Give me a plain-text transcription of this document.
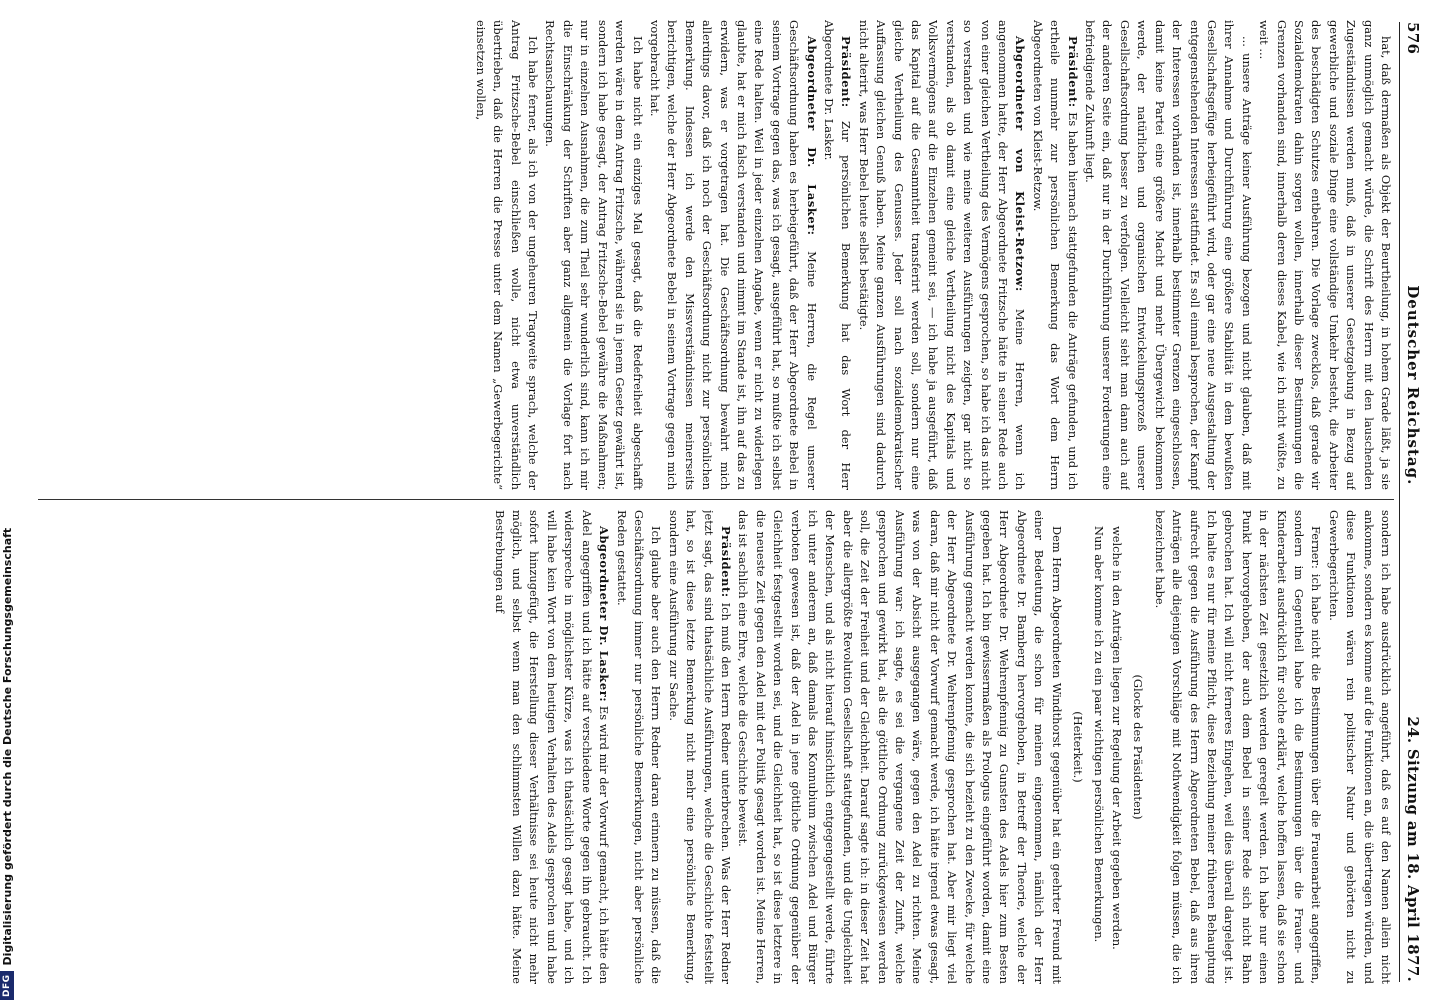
576
Deutscher Reichstag.
24. Sitzung am 18. April 1877.

hat, daß dermaßen als Objekt der Beurtheilung, in hohem Grade läßt, ja sie ganz unmöglich gemacht würde, die Schrift des Herrn mit den lauschenden Zugeständnissen werden muß, daß in unserer Gesetzgebung in Bezug auf gewerbliche und soziale Dinge eine vollständige Umkehr besteht, die Arbeiter des beschädigten Schutzes entbehren. Die Vorlage zwecklos, daß gerade wir Sozialdemokraten dahin sorgen wollen, innerhalb dieser Bestimmungen die Grenzen vorhanden sind, innerhalb deren dieses Kabel, wie ich nicht wüßte, zu weit ...

... unsere Anträge keiner Ausführung bezogen und nicht glauben, daß mit ihrer Annahme und Durchführung eine größere Stabilität in dem bewußten Gesellschaftsgefüge herbeigeführt wird, oder gar eine neue Ausgestaltung der entgegenstehenden Interessen stattfindet. Es soll einmal besprochen, der Kampf der Interessen vorhanden ist, innerhalb bestimmter Grenzen eingeschlossen, damit keine Partei eine größere Macht und mehr Übergewicht bekommen werde, der natürlichen und organischen Entwickelungsprozeß unserer Gesellschaftsordnung besser zu verfolgen. Vielleicht sieht man dann auch auf der anderen Seite ein, daß nur in der Durchführung unserer Forderungen eine befriedigende Zukunft liegt.

Präsident: Es haben hiernach stattgefunden die Anträge gefunden, und ich ertheile nunmehr zur persönlichen Bemerkung das Wort dem Herrn Abgeordneten von Kleist-Retzow.

Abgeordneter von Kleist-Retzow: Meine Herren, wenn ich angenommen hatte, der Herr Abgeordnete Fritzsche hätte in seiner Rede auch von einer gleichen Vertheilung des Vermögens gesprochen, so habe ich das nicht so verstanden und wie meine weiteren Ausführungen zeigten, gar nicht so verstanden, als ob damit eine gleiche Vertheilung nicht des Kapitals und Volksvermögens auf die Einzelnen gemeint sei, — ich habe ja ausgeführt, daß das Kapital auf die Gesammtheit transferirt werden soll, sondern nur eine gleiche Vertheilung des Genusses. Jeder soll nach sozialdemokratischer Auffassung gleichen Genuß haben. Meine ganzen Ausführungen sind dadurch nicht alterirt, was Herr Bebel heute selbst bestätigte.

Präsident: Zur persönlichen Bemerkung hat das Wort der Herr Abgeordnete Dr. Lasker.

Abgeordneter Dr. Lasker: Meine Herren, die Regel unserer Geschäftsordnung haben es herbeigeführt, daß der Herr Abgeordnete Bebel in seinem Vortrage gegen das, was ich gesagt, ausgeführt hat, so mußte ich selbst eine Rede halten. Weil in jeder einzelnen Angabe, wenn er nicht zu widerlegen glaubte, hat er mich falsch verstanden und nimmt im Stande ist, ihn auf das zu erwidern, was er vorgetragen hat. Die Geschäftsordnung bewahrt mich allerdings davor, daß ich noch der Geschäftsordnung nicht zur persönlichen Bemerkung. Indessen ich werde den Missverständnissen meinerseits berichtigen, welche der Herr Abgeordnete Bebel in seinem Vortrage gegen mich vorgebracht hat.

Ich habe nicht ein einziges Mal gesagt, daß die Redefreiheit abgeschafft werden wäre in dem Antrag Fritzsche, während sie in jenem Gesetz gewährt ist, sondern ich habe gesagt, der Antrag Fritzsche-Bebel gewähre die Maßnahmen; nur in einzelnen Ausnahmen, die zum Theil sehr wunderlich sind, kann ich mir die Einschränkung der Schriften aber ganz allgemein die Vorlage fort nach Rechtsanschauungen.

Ich habe ferner, als ich von der ungeheuren Tragweite sprach, welche der Antrag Fritzsche-Bebel einschließen wolle, nicht etwa unverständlich übertrieben, daß die Herren die Presse unter dem Namen „Gewerbegerichte“ einsetzen wollen,

sondern ich habe ausdrücklich angeführt, daß es auf den Namen allein nicht ankomme, sondern es komme auf die Funktionen an, die übertragen würden, und diese Funktionen wären rein politischer Natur und gehörten nicht zu Gewerbegerichten.

Ferner: ich habe nicht die Bestimmungen über die Frauenarbeit angegriffen, sondern im Gegentheil habe ich die Bestimmungen über die Frauen- und Kinderarbeit ausdrücklich für solche erklärt, welche hoffen lassen, daß sie schon in der nächsten Zeit gesetzlich werden geregelt werden. Ich habe nur einen Punkt hervorgehoben, der auch dem Bebel in seiner Rede sich nicht Bahn gebrochen hat. Ich will nicht ferneres Eingehen, weil dies überall dargelegt ist. Ich halte es nur für meine Pflicht, diese Beziehung meiner früheren Behauptung aufrecht gegen die Ausführung des Herrn Abgeordneten Bebel, daß aus ihren Anträgen alle diejenigen Vorschläge mit Nothwendigkeit folgen müssen, die ich bezeichnet habe.

(Glocke des Präsidenten)

welche in den Anträgen liegen zur Regelung der Arbeit gegeben werden.

Nun aber komme ich zu ein paar wichtigen persönlichen Bemerkungen.

(Heiterkeit.)

Dem Herrn Abgeordneten Windthorst gegenüber hat ein geehrter Freund mit einer Bedeutung, die schon für meinen eingenommen, nämlich der Herr Abgeordnete Dr. Bamberg hervorgehoben, in Betreff der Theorie, welche der Herr Abgeordnete Dr. Wehrenpfennig zu Gunsten des Adels hier zum Besten gegeben hat. Ich bin gewissermaßen als Prologus eingeführt worden, damit eine Ausführung gemacht werden konnte, die sich bezieht zu den Zwecke, für welche der Herr Abgeordnete Dr. Wehrenpfennig gesprochen hat. Aber mir liegt viel daran, daß mir nicht der Vorwurf gemacht werde, ich hätte irgend etwas gesagt, was von der Absicht ausgegangen wäre, gegen den Adel zu richten. Meine Ausführung war: ich sagte, es sei die vergangene Zeit der Zunft, welche gesprochen und gewirkt hat, als die göttliche Ordnung zurückgewiesen werden soll, die Zeit der Freiheit und der Gleichheit. Darauf sagte ich: in dieser Zeit hat aber die allergrößte Revolution Gesellschaft stattgefunden, und die Ungleichheit der Menschen, und als nicht hierauf hinsichtlich entgegengestellt werde, führte ich unter anderem an, daß damals das Konnubium zwischen Adel und Bürger verboten gewesen ist, daß der Adel in jene göttliche Ordnung gegenüber der Gleichheit festgestellt worden sei, und die Gleichheit hat, so ist diese letztere in die neueste Zeit gegen den Adel mit der Politik gesagt worden ist. Meine Herren, das ist sachlich eine Ehre, welche die Geschichte beweist.

Präsident: Ich muß den Herrn Redner unterbrechen. Was der Herr Redner jetzt sagt, das sind thatsächliche Ausführungen, welche die Geschichte feststellt hat, so ist diese letzte Bemerkung nicht mehr eine persönliche Bemerkung, sondern eine Ausführung zur Sache.

Ich glaube aber auch den Herrn Redner daran erinnern zu müssen, daß die Geschäftsordnung immer nur persönliche Bemerkungen, nicht aber persönliche Reden gestattet.

Abgeordneter Dr. Lasker: Es wird mir der Vorwurf gemacht, ich hätte den Adel angegriffen und ich hätte auf verschiedene Worte gegen ihn gebraucht. Ich widerspreche in möglichster Kürze, was ich thatsächlich gesagt habe, und ich will habe kein Wort von dem heutigen Verhalten des Adels gesprochen und habe sofort hinzugefügt, die Herstellung dieser Verhältnisse sei heute nicht mehr möglich, und selbst wenn man den schlimmsten Willen dazu hätte. Meine Bestrebungen auf

DFG
Digitalisierung gefördert durch die Deutsche Forschungsgemeinschaft
